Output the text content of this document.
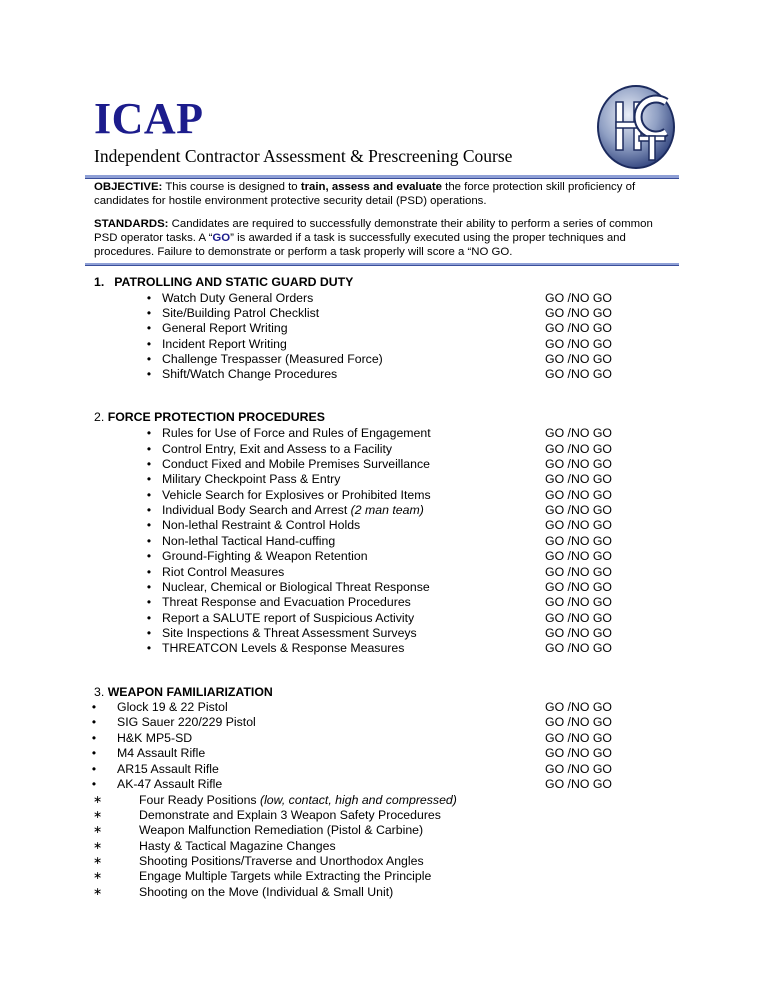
ICAP
Independent Contractor Assessment & Prescreening Course
OBJECTIVE: This course is designed to train, assess and evaluate the force protection skill proficiency of candidates for hostile environment protective security detail (PSD) operations.
STANDARDS: Candidates are required to successfully demonstrate their ability to perform a series of common PSD operator tasks. A “GO” is awarded if a task is successfully executed using the proper techniques and procedures. Failure to demonstrate or perform a task properly will score a “NO GO.
1. PATROLLING AND STATIC GUARD DUTY
• Watch Duty General Orders	GO /NO GO
• Site/Building Patrol Checklist	GO /NO GO
• General Report Writing	GO /NO GO
• Incident Report Writing	GO /NO GO
• Challenge Trespasser (Measured Force)	GO /NO GO
• Shift/Watch Change Procedures	GO /NO GO
2. FORCE PROTECTION PROCEDURES
• Rules for Use of Force and Rules of Engagement	GO /NO GO
• Control Entry, Exit and Assess to a Facility	GO /NO GO
• Conduct Fixed and Mobile Premises Surveillance	GO /NO GO
• Military Checkpoint Pass & Entry	GO /NO GO
• Vehicle Search for Explosives or Prohibited Items	GO /NO GO
• Individual Body Search and Arrest (2 man team)	GO /NO GO
• Non-lethal Restraint & Control Holds	GO /NO GO
• Non-lethal Tactical Hand-cuffing	GO /NO GO
• Ground-Fighting & Weapon Retention	GO /NO GO
• Riot Control Measures	GO /NO GO
• Nuclear, Chemical or Biological Threat Response	GO /NO GO
• Threat Response and Evacuation Procedures	GO /NO GO
• Report a SALUTE report of Suspicious Activity	GO /NO GO
• Site Inspections & Threat Assessment Surveys	GO /NO GO
• THREATCON Levels & Response Measures	GO /NO GO
3. WEAPON FAMILIARIZATION
• Glock 19 & 22 Pistol	GO /NO GO
• SIG Sauer 220/229 Pistol	GO /NO GO
• H&K MP5-SD	GO /NO GO
• M4 Assault Rifle	GO /NO GO
• AR15 Assault Rifle	GO /NO GO
• AK-47 Assault Rifle	GO /NO GO
∗	Four Ready Positions (low, contact, high and compressed)
∗	Demonstrate and Explain 3 Weapon Safety Procedures
∗	Weapon Malfunction Remediation (Pistol & Carbine)
∗	Hasty & Tactical Magazine Changes
∗	Shooting Positions/Traverse and Unorthodox Angles
∗	Engage Multiple Targets while Extracting the Principle
∗	Shooting on the Move (Individual & Small Unit)
